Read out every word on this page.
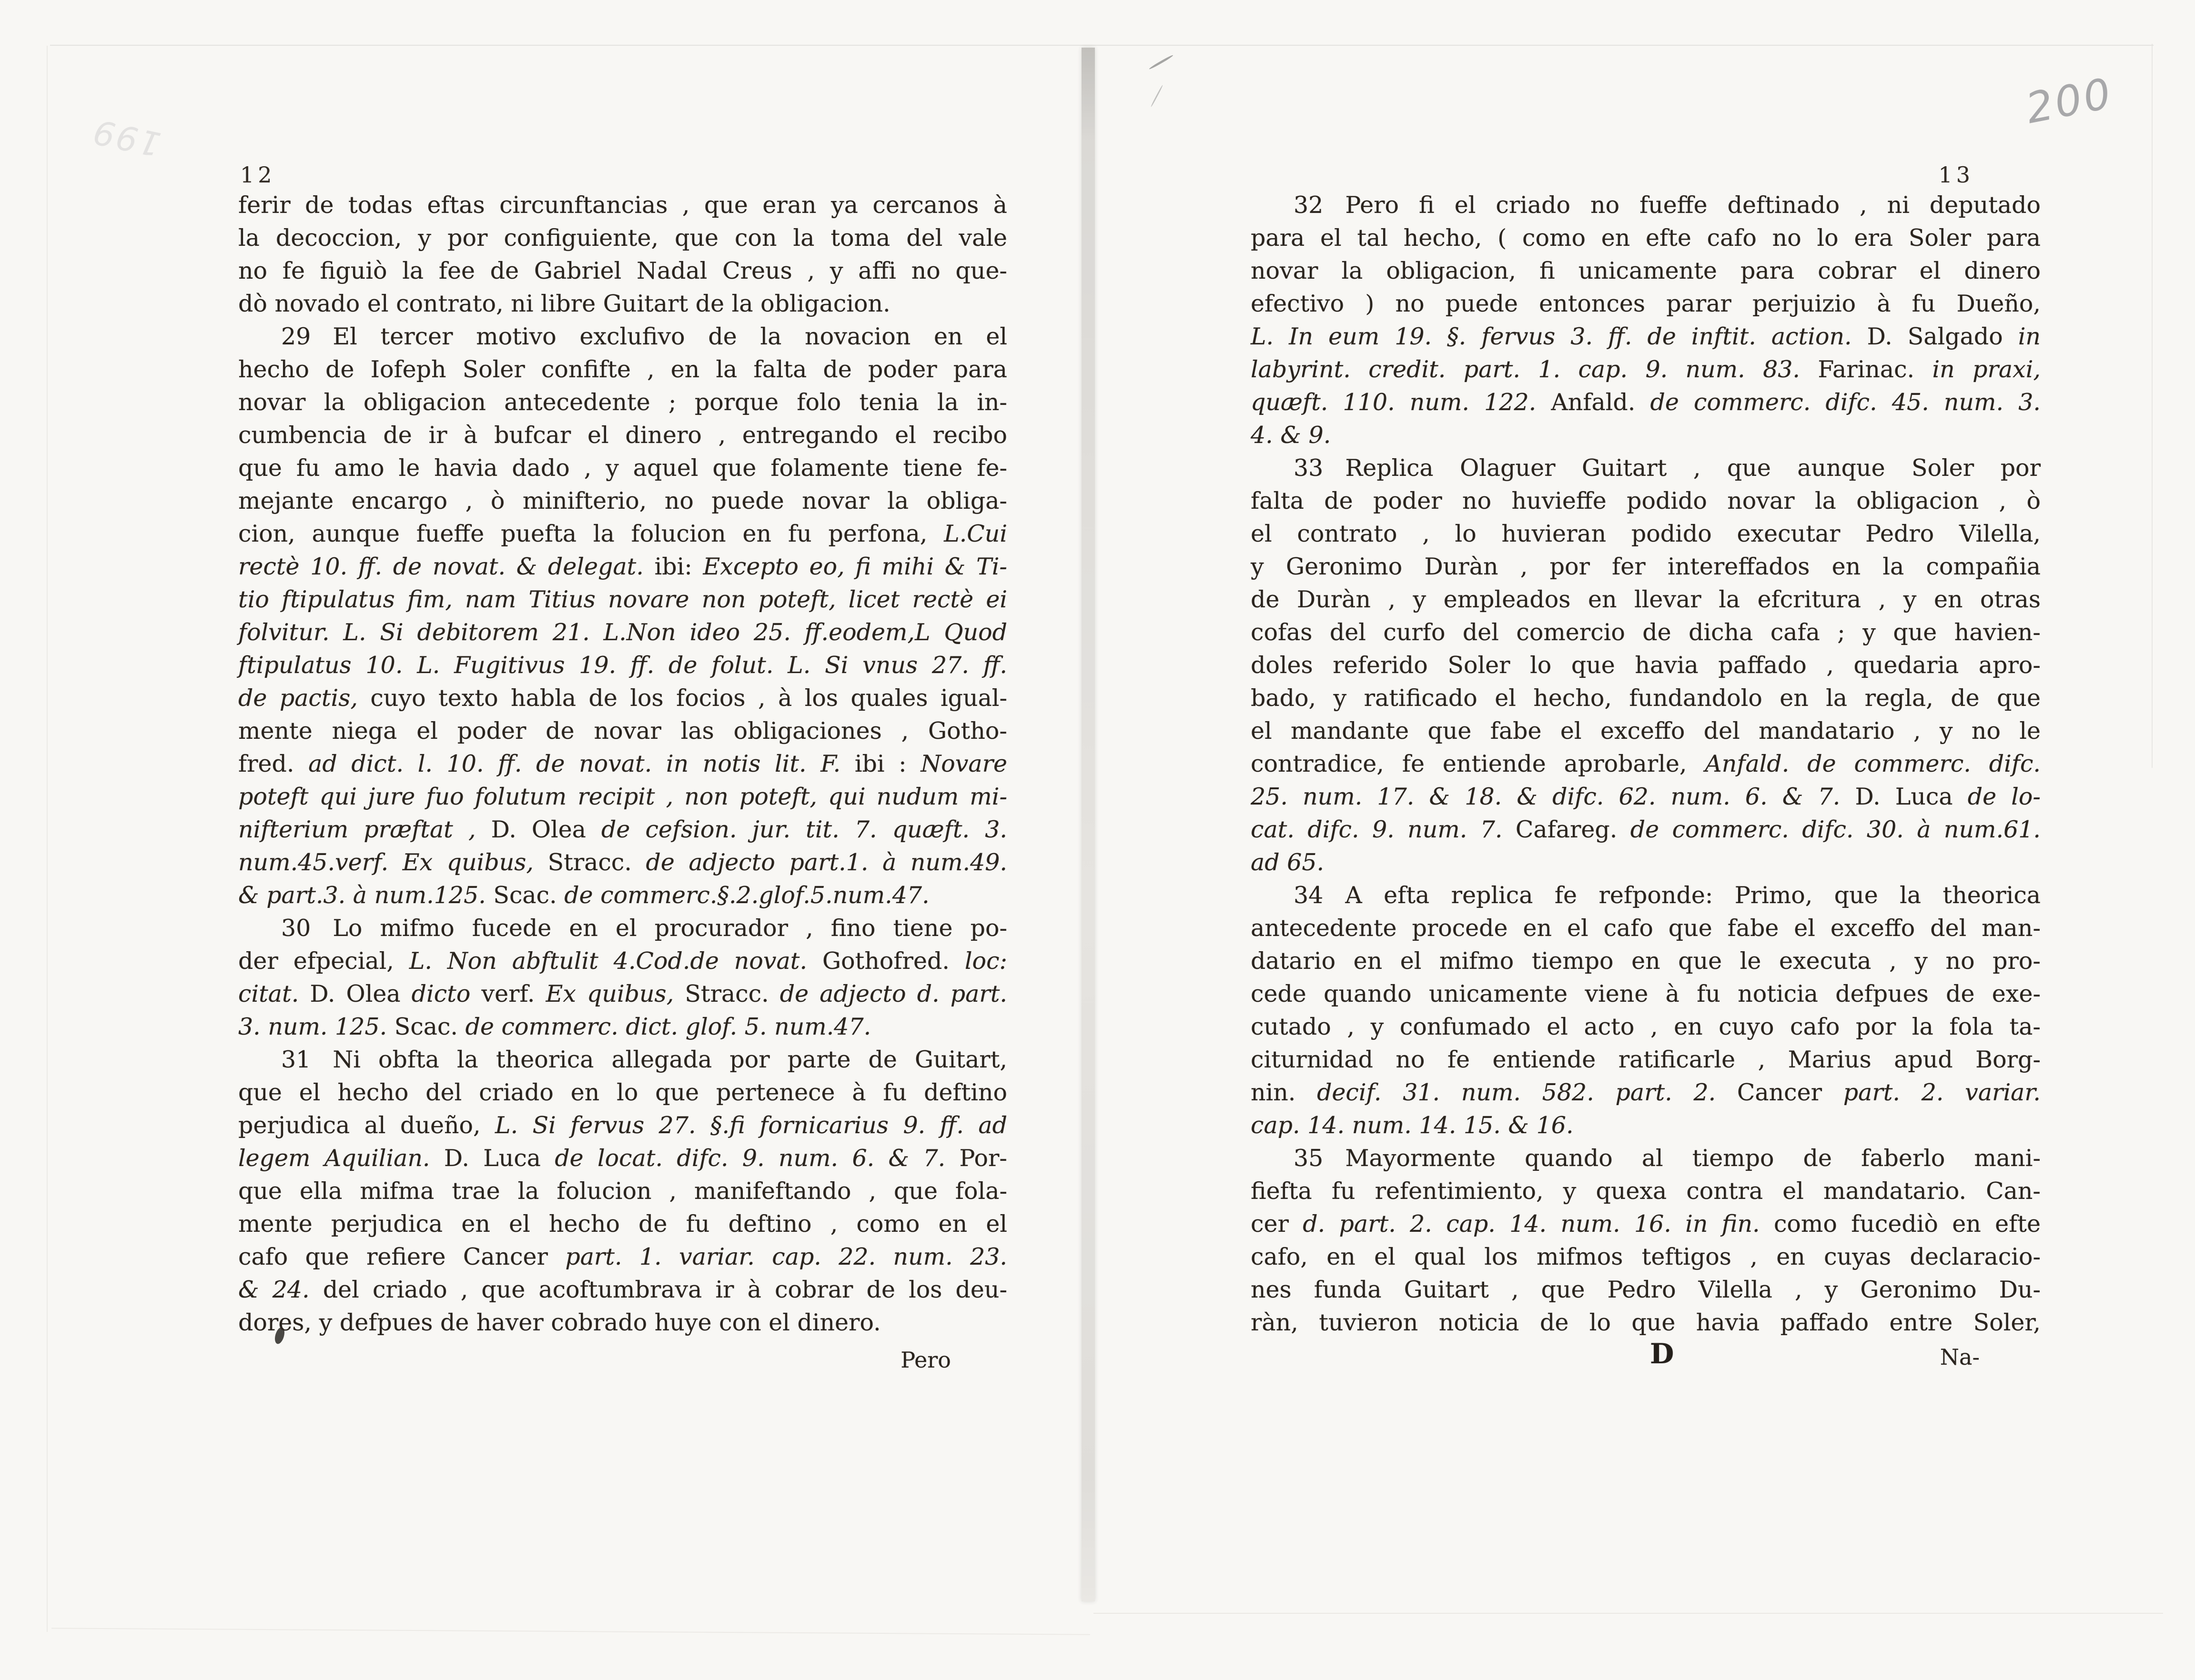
200
199
12
ferir de todas eftas circunftancias , que eran ya cercanos à
la decoccion, y por configuiente, que con la toma del vale
no fe figuiò la fee de Gabriel Nadal Creus , y affi no que-
dò novado el contrato, ni libre Guitart de la obligacion.
29 El tercer motivo exclufivo de la novacion en el
hecho de Iofeph Soler confifte , en la falta de poder para
novar la obligacion antecedente ; porque folo tenia la in-
cumbencia de ir à bufcar el dinero , entregando el recibo
que fu amo le havia dado , y aquel que folamente tiene fe-
mejante encargo , ò minifterio, no puede novar la obliga-
cion, aunque fueffe puefta la folucion en fu perfona, L.Cui
rectè 10. ff. de novat. & delegat. ibi: Excepto eo, fi mihi & Ti-
tio ftipulatus fim, nam Titius novare non poteft, licet rectè ei
folvitur. L. Si debitorem 21. L.Non ideo 25. ff.eodem,L Quod
ftipulatus 10. L. Fugitivus 19. ff. de folut. L. Si vnus 27. ff.
de pactis, cuyo texto habla de los focios , à los quales igual-
mente niega el poder de novar las obligaciones , Gotho-
fred. ad dict. l. 10. ff. de novat. in notis lit. F. ibi : Novare
poteft qui jure fuo folutum recipit , non poteft, qui nudum mi-
nifterium præftat , D. Olea de cefsion. jur. tit. 7. quæft. 3.
num.45.verf. Ex quibus, Stracc. de adjecto part.1. à num.49.
& part.3. à num.125. Scac. de commerc.§.2.glof.5.num.47.
30 Lo mifmo fucede en el procurador , fino tiene po-
der efpecial, L. Non abftulit 4.Cod.de novat. Gothofred. loc:
citat. D. Olea dicto verf. Ex quibus, Stracc. de adjecto d. part.
3. num. 125. Scac. de commerc. dict. glof. 5. num.47.
31 Ni obfta la theorica allegada por parte de Guitart,
que el hecho del criado en lo que pertenece à fu deftino
perjudica al dueño, L. Si fervus 27. §.fi fornicarius 9. ff. ad
legem Aquilian. D. Luca de locat. difc. 9. num. 6. & 7. Por-
que ella mifma trae la folucion , manifeftando , que fola-
mente perjudica en el hecho de fu deftino , como en el
cafo que refiere Cancer part. 1. variar. cap. 22. num. 23.
& 24. del criado , que acoftumbrava ir à cobrar de los deu-
dores, y defpues de haver cobrado huye con el dinero.
Pero
13
32 Pero fi el criado no fueffe deftinado , ni deputado
para el tal hecho, ( como en efte cafo no lo era Soler para
novar la obligacion, fi unicamente para cobrar el dinero
efectivo ) no puede entonces parar perjuizio à fu Dueño,
L. In eum 19. §. fervus 3. ff. de inftit. action. D. Salgado in
labyrint. credit. part. 1. cap. 9. num. 83. Farinac. in praxi,
quæft. 110. num. 122. Anfald. de commerc. difc. 45. num. 3.
4. & 9.
33 Replica Olaguer Guitart , que aunque Soler por
falta de poder no huvieffe podido novar la obligacion , ò
el contrato , lo huvieran podido executar Pedro Vilella,
y Geronimo Duràn , por fer intereffados en la compañia
de Duràn , y empleados en llevar la efcritura , y en otras
cofas del curfo del comercio de dicha cafa ; y que havien-
doles referido Soler lo que havia paffado , quedaria apro-
bado, y ratificado el hecho, fundandolo en la regla, de que
el mandante que fabe el exceffo del mandatario , y no le
contradice, fe entiende aprobarle, Anfald. de commerc. difc.
25. num. 17. & 18. & difc. 62. num. 6. & 7. D. Luca de lo-
cat. difc. 9. num. 7. Cafareg. de commerc. difc. 30. à num.61.
ad 65.
34 A efta replica fe refponde: Primo, que la theorica
antecedente procede en el cafo que fabe el exceffo del man-
datario en el mifmo tiempo en que le executa , y no pro-
cede quando unicamente viene à fu noticia defpues de exe-
cutado , y confumado el acto , en cuyo cafo por la fola ta-
citurnidad no fe entiende ratificarle , Marius apud Borg-
nin. decif. 31. num. 582. part. 2. Cancer part. 2. variar.
cap. 14. num. 14. 15. & 16.
35 Mayormente quando al tiempo de faberlo mani-
fiefta fu refentimiento, y quexa contra el mandatario. Can-
cer d. part. 2. cap. 14. num. 16. in fin. como fucediò en efte
cafo, en el qual los mifmos teftigos , en cuyas declaracio-
nes funda Guitart , que Pedro Vilella , y Geronimo Du-
ràn, tuvieron noticia de lo que havia paffado entre Soler,
D	Na-
